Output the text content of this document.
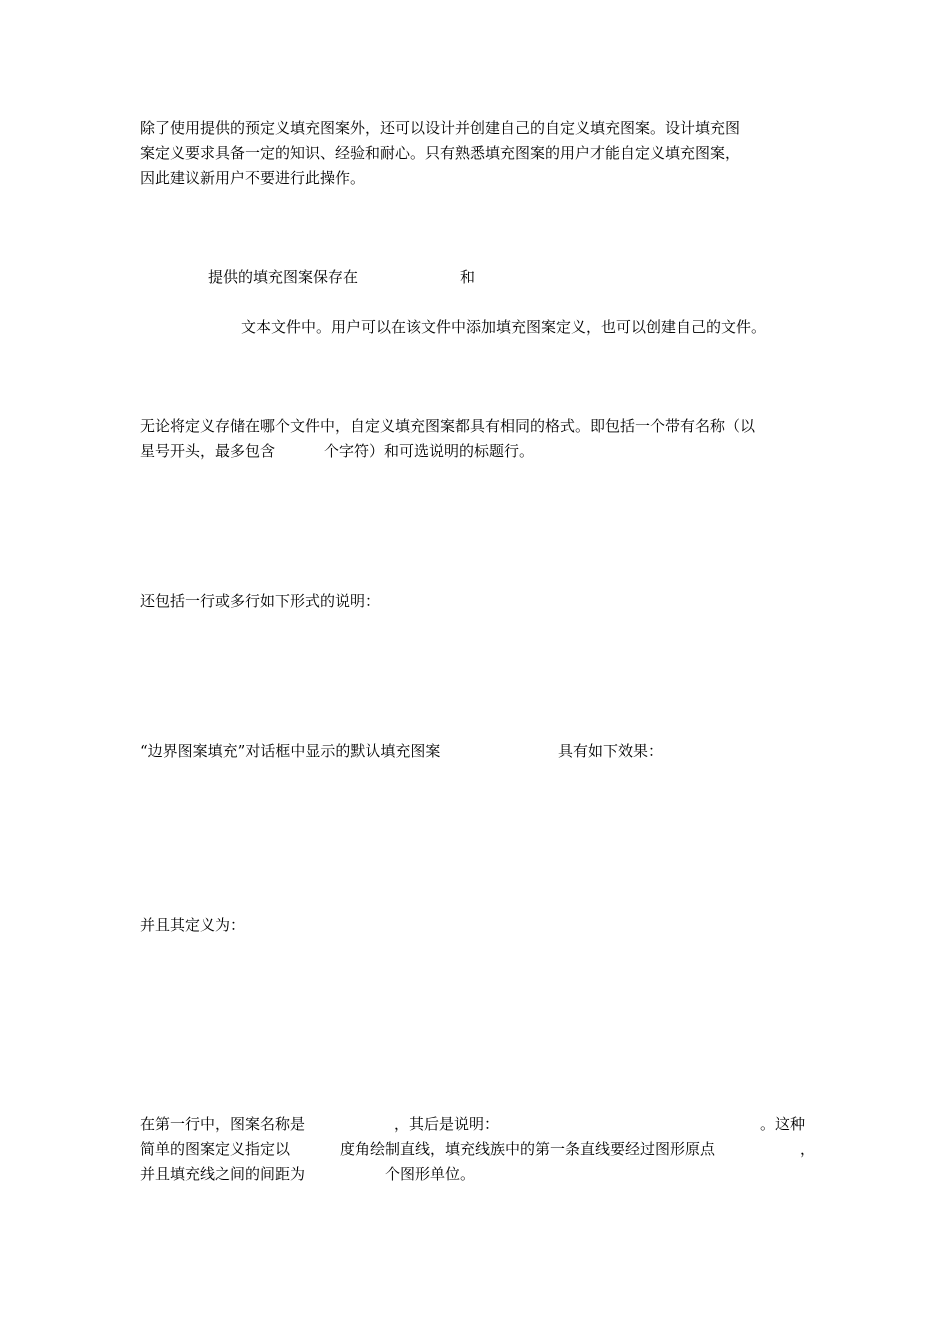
除了使用提供的预定义填充图案外，还可以设计并创建自己的自定义填充图案。设计填充图
案定义要求具备一定的知识、经验和耐心。只有熟悉填充图案的用户才能自定义填充图案，
因此建议新用户不要进行此操作。
提供的填充图案保存在	和
文本文件中。用户可以在该文件中添加填充图案定义，也可以创建自己的文件。
无论将定义存储在哪个文件中，自定义填充图案都具有相同的格式。即包括一个带有名称（以
星号开头，最多包含	个字符）和可选说明的标题行。
还包括一行或多行如下形式的说明：
“边界图案填充”对话框中显示的默认填充图案	具有如下效果：
并且其定义为：
在第一行中，图案名称是	，其后是说明：	。这种
简单的图案定义指定以	度角绘制直线，填充线族中的第一条直线要经过图形原点	，
并且填充线之间的间距为	个图形单位。
